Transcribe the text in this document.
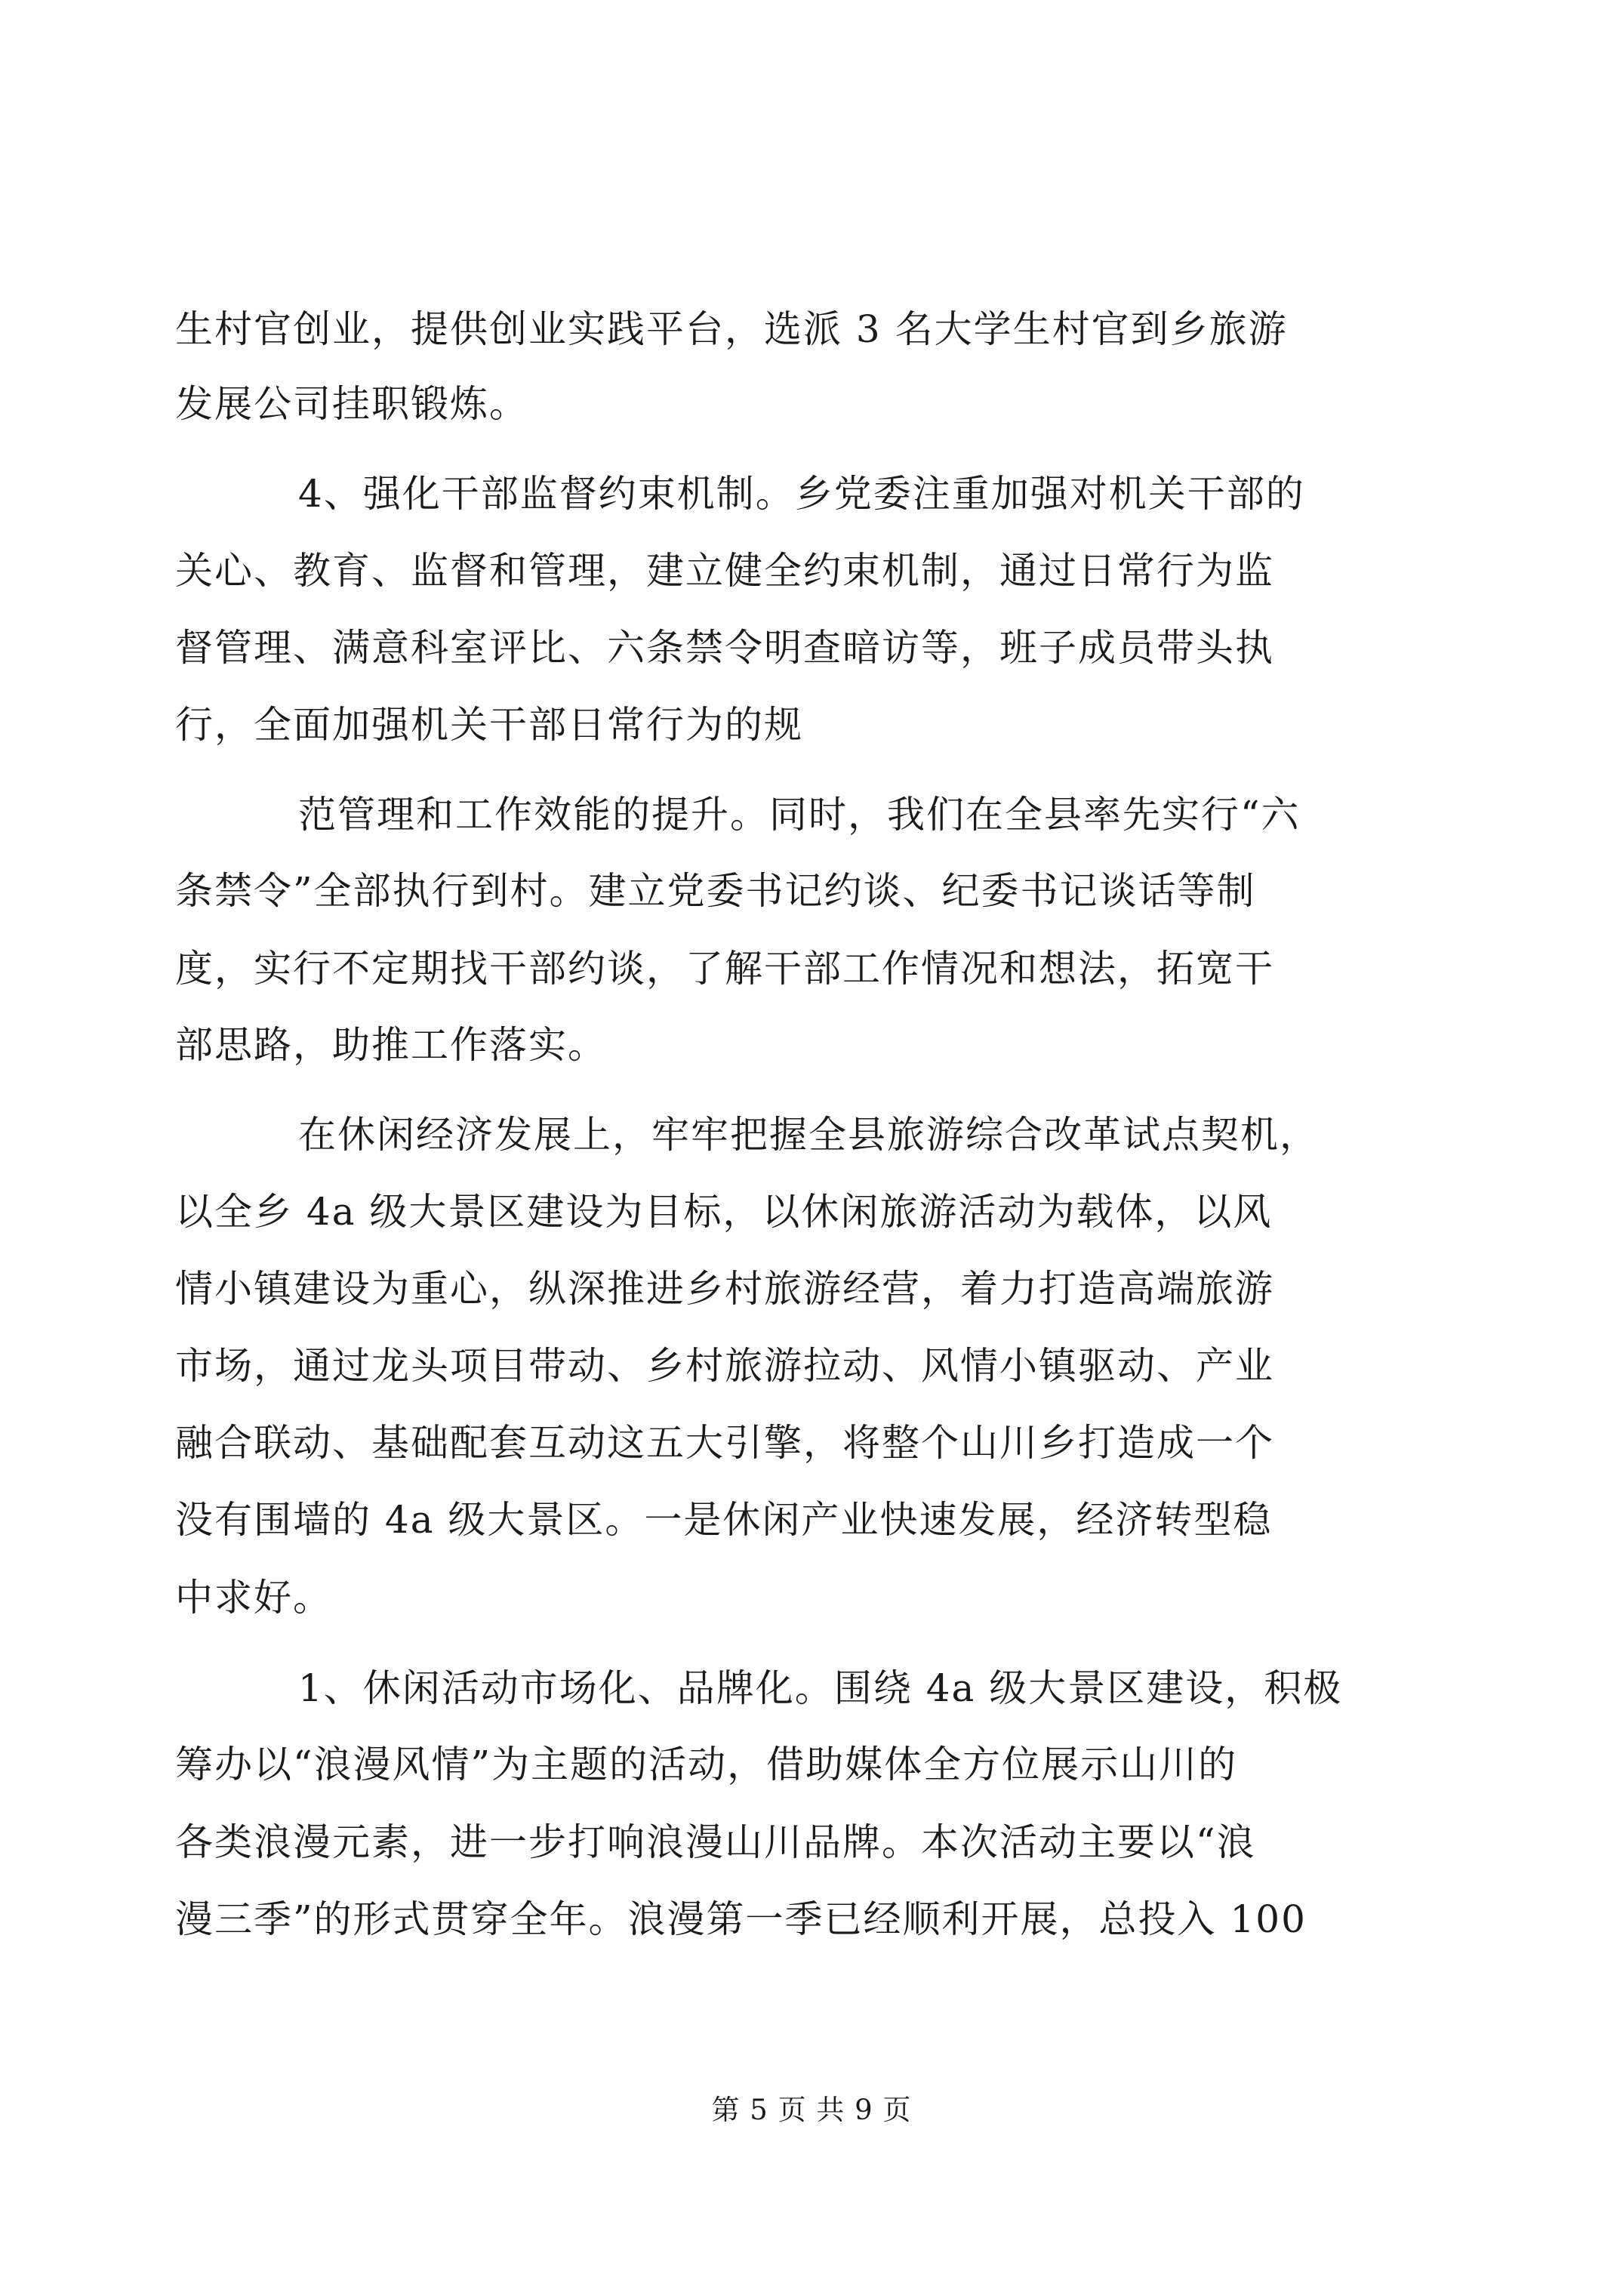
生村官创业，提供创业实践平台，选派 3 名大学生村官到乡旅游
发展公司挂职锻炼。
4、强化干部监督约束机制。乡党委注重加强对机关干部的
关心、教育、监督和管理，建立健全约束机制，通过日常行为监
督管理、满意科室评比、六条禁令明查暗访等，班子成员带头执
行，全面加强机关干部日常行为的规
范管理和工作效能的提升。同时，我们在全县率先实行“六
条禁令”全部执行到村。建立党委书记约谈、纪委书记谈话等制
度，实行不定期找干部约谈，了解干部工作情况和想法，拓宽干
部思路，助推工作落实。
在休闲经济发展上，牢牢把握全县旅游综合改革试点契机，
以全乡 4a 级大景区建设为目标，以休闲旅游活动为载体，以风
情小镇建设为重心，纵深推进乡村旅游经营，着力打造高端旅游
市场，通过龙头项目带动、乡村旅游拉动、风情小镇驱动、产业
融合联动、基础配套互动这五大引擎，将整个山川乡打造成一个
没有围墙的 4a 级大景区。一是休闲产业快速发展，经济转型稳
中求好。
1、休闲活动市场化、品牌化。围绕 4a 级大景区建设，积极
筹办以“浪漫风情”为主题的活动，借助媒体全方位展示山川的
各类浪漫元素，进一步打响浪漫山川品牌。本次活动主要以“浪
漫三季”的形式贯穿全年。浪漫第一季已经顺利开展，总投入 100
第 5 页 共 9 页
